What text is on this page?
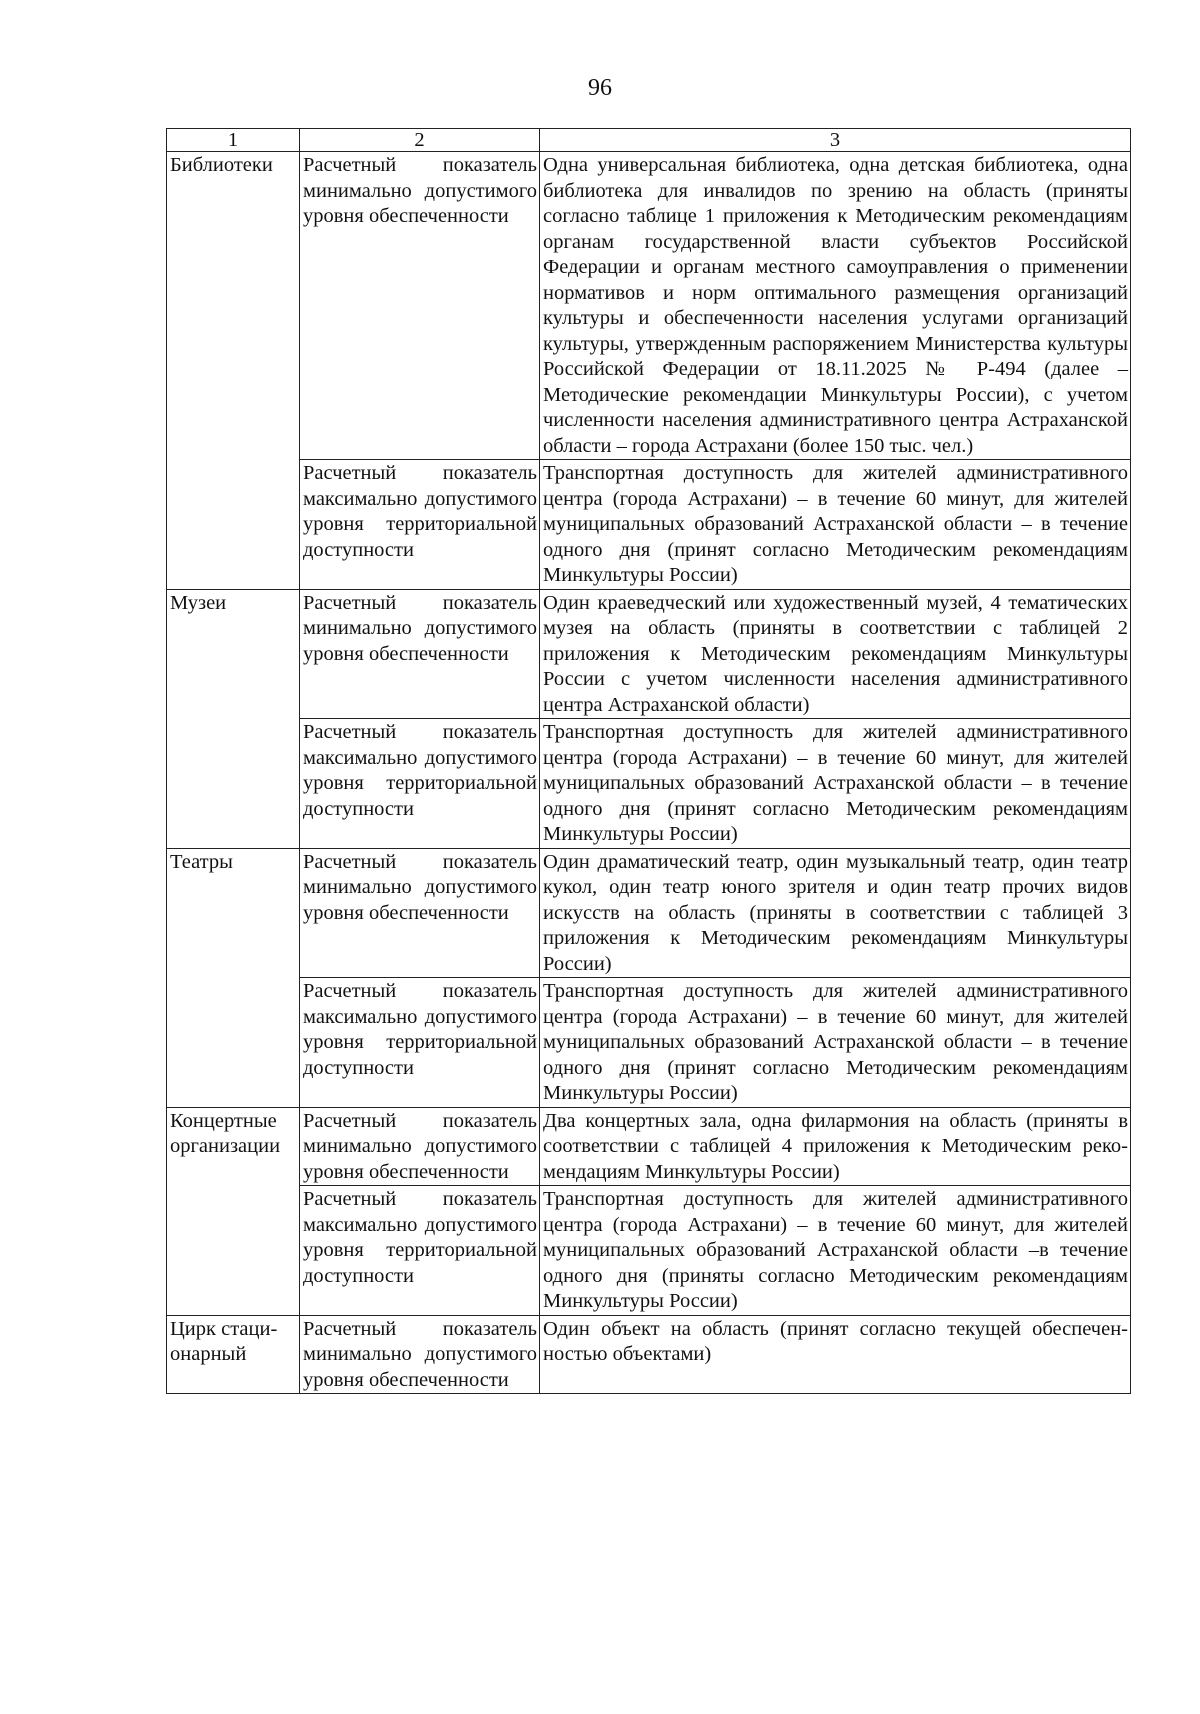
96
1	2	3
Библиотеки	Расчетный показатель минимально допустимого уровня обеспеченности	Одна универсальная библиотека, одна детская библиотека, одна библиотека для инвалидов по зрению на область (приняты согласно таблице 1 приложения к Методическим рекомендациям органам государственной власти субъектов Российской Федерации и органам местного самоуправления о применении нормативов и норм оптимального размещения организаций культуры и обеспеченности населения услугами организаций культуры, утвержденным распоряжением Министерства культуры Российской Федерации от 18.11.2025 № Р-494 (далее – Методические рекомендации Минкультуры России), с учетом численности населения административного центра Астраханской области – города Астрахани (более 150 тыс. чел.)
	Расчетный показатель максимально допустимого уровня территориальной доступности	Транспортная доступность для жителей административного центра (города Астрахани) – в течение 60 минут, для жителей муниципальных образований Астраханской области – в течение одного дня (принят согласно Методическим рекомендациям Минкультуры России)
Музеи	Расчетный показатель минимально допустимого уровня обеспеченности	Один краеведческий или художественный музей, 4 тематических музея на область (приняты в соответствии с таблицей 2 приложения к Методическим рекомендациям Минкультуры России с учетом численности населения административного центра Астраханской области)
	Расчетный показатель максимально допустимого уровня территориальной доступности	Транспортная доступность для жителей административного центра (города Астрахани) – в течение 60 минут, для жителей муниципальных образований Астраханской области – в течение одного дня (принят согласно Методическим рекомендациям Минкультуры России)
Театры	Расчетный показатель минимально допустимого уровня обеспеченности	Один драматический театр, один музыкальный театр, один театр кукол, один театр юного зрителя и один театр прочих видов искусств на область (приняты в соответствии с таблицей 3 приложения к Методическим рекомендациям Минкультуры России)
	Расчетный показатель максимально допустимого уровня территориальной доступности	Транспортная доступность для жителей административного центра (города Астрахани) – в течение 60 минут, для жителей муниципальных образований Астраханской области – в течение одного дня (принят согласно Методическим рекомендациям Минкультуры России)
Концертные организации	Расчетный показатель минимально допустимого уровня обеспеченности	Два концертных зала, одна филармония на область (приняты в соответствии с таблицей 4 приложения к Методическим рекомендациям Минкультуры России)
	Расчетный показатель максимально допустимого уровня территориальной доступности	Транспортная доступность для жителей административного центра (города Астрахани) – в течение 60 минут, для жителей муниципальных образований Астраханской области –в течение одного дня (приняты согласно Методическим рекомендациям Минкультуры России)
Цирк стационарный	Расчетный показатель минимально допустимого уровня обеспеченности	Один объект на область (принят согласно текущей обеспеченностью объектами)
